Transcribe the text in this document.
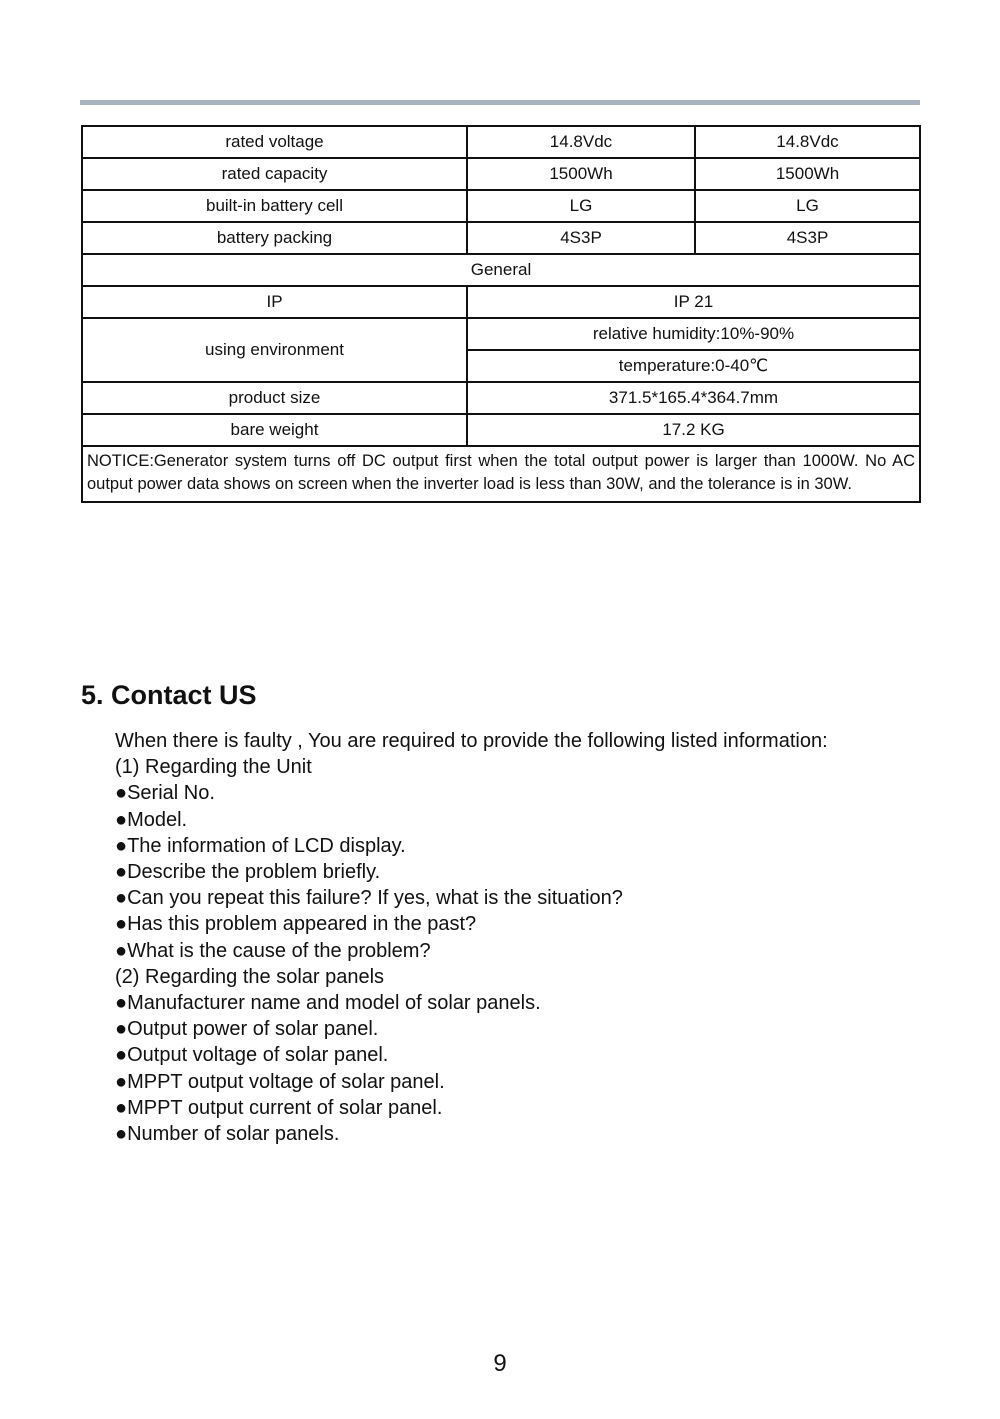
rated voltage	14.8Vdc	14.8Vdc
rated capacity	1500Wh	1500Wh
built-in battery cell	LG	LG
battery packing	4S3P	4S3P
General		
IP	IP 21	
using environment	relative humidity:10%-90%	
	temperature:0-40℃	
product size	371.5*165.4*364.7mm	
bare weight	17.2 KG	
NOTICE:Generator system turns off DC output first when the total output power is larger than 1000W. No AC output power data shows on screen when the inverter load is less than 30W, and the tolerance is in 30W.		
5. Contact US
When there is faulty , You are required to provide the following listed information:
(1) Regarding the Unit
●Serial No.
●Model.
●The information of LCD display.
●Describe the problem briefly.
●Can you repeat this failure? If yes, what is the situation?
●Has this problem appeared in the past?
●What is the cause of the problem?
(2) Regarding the solar panels
●Manufacturer name and model of solar panels.
●Output power of solar panel.
●Output voltage of solar panel.
●MPPT output voltage of solar panel.
●MPPT output current of solar panel.
●Number of solar panels.
9
